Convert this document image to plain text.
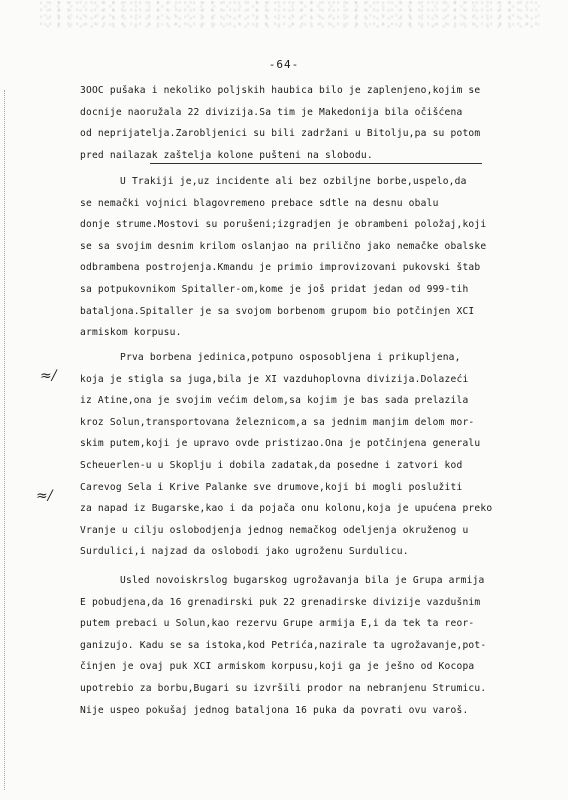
-64-
3OOC pušaka i nekoliko poljskih haubica bilo je zaplenjeno,kojim se
docnije naoružala 22 divizija.Sa tim je Makedonija bila očišćena
od neprijatelja.Zarobljenici su bili zadržani u Bitolju,pa su potom
pred nailazak zaštelja kolone pušteni na slobodu.
U Trakiji je,uz incidente ali bez ozbiljne borbe,uspelo,da
se nemački vojnici blagovremeno prebace sdtle na desnu obalu
donje strume.Mostovi su porušeni;izgradjen je obrambeni položaj,koji
se sa svojim desnim krilom oslanjao na prilično jako nemačke obalske
odbrambena postrojenja.Kmandu je primio improvizovani pukovski štab
sa potpukovnikom Spitaller-om,kome je još pridat jedan od 999-tih
bataljona.Spitaller je sa svojom borbenom grupom bio potčinjen XCI
armiskom korpusu.
Prva borbena jedinica,potpuno osposobljena i prikupljena,
koja je stigla sa juga,bila je XI vazduhoplovna divizija.Dolazeći
iz Atine,ona je svojim većim delom,sa kojim je bas sada prelazila
kroz Solun,transportovana železnicom,a sa jednim manjim delom mor-
skim putem,koji je upravo ovde pristizao.Ona je potčinjena generalu
Scheuerlen-u u Skoplju i dobila zadatak,da posedne i zatvori kod
Carevog Sela i Krive Palanke sve drumove,koji bi mogli poslužiti
za napad iz Bugarske,kao i da pojača onu kolonu,koja je upućena preko
Vranje u cilju oslobodjenja jednog nemačkog odeljenja okruženog u
Surdulici,i najzad da oslobodi jako ugroženu Surdulicu.
Usled novoiskrslog bugarskog ugrožavanja bila je Grupa armija
E pobudjena,da 16 grenadirski puk 22 grenadirske divizije vazdušnim
putem prebaci u Solun,kao rezervu Grupe armija E,i da tek ta reor-
ganizujo. Kadu se sa istoka,kod Petrića,nazirale ta ugrožavanje,pot-
činjen je ovaj puk XCI armiskom korpusu,koji ga je ješno od Kocopa
upotrebio za borbu,Bugari su izvršili prodor na nebranjenu Strumicu.
Nije uspeo pokušaj jednog bataljona 16 puka da povrati ovu varoš.
≈/
≈/
